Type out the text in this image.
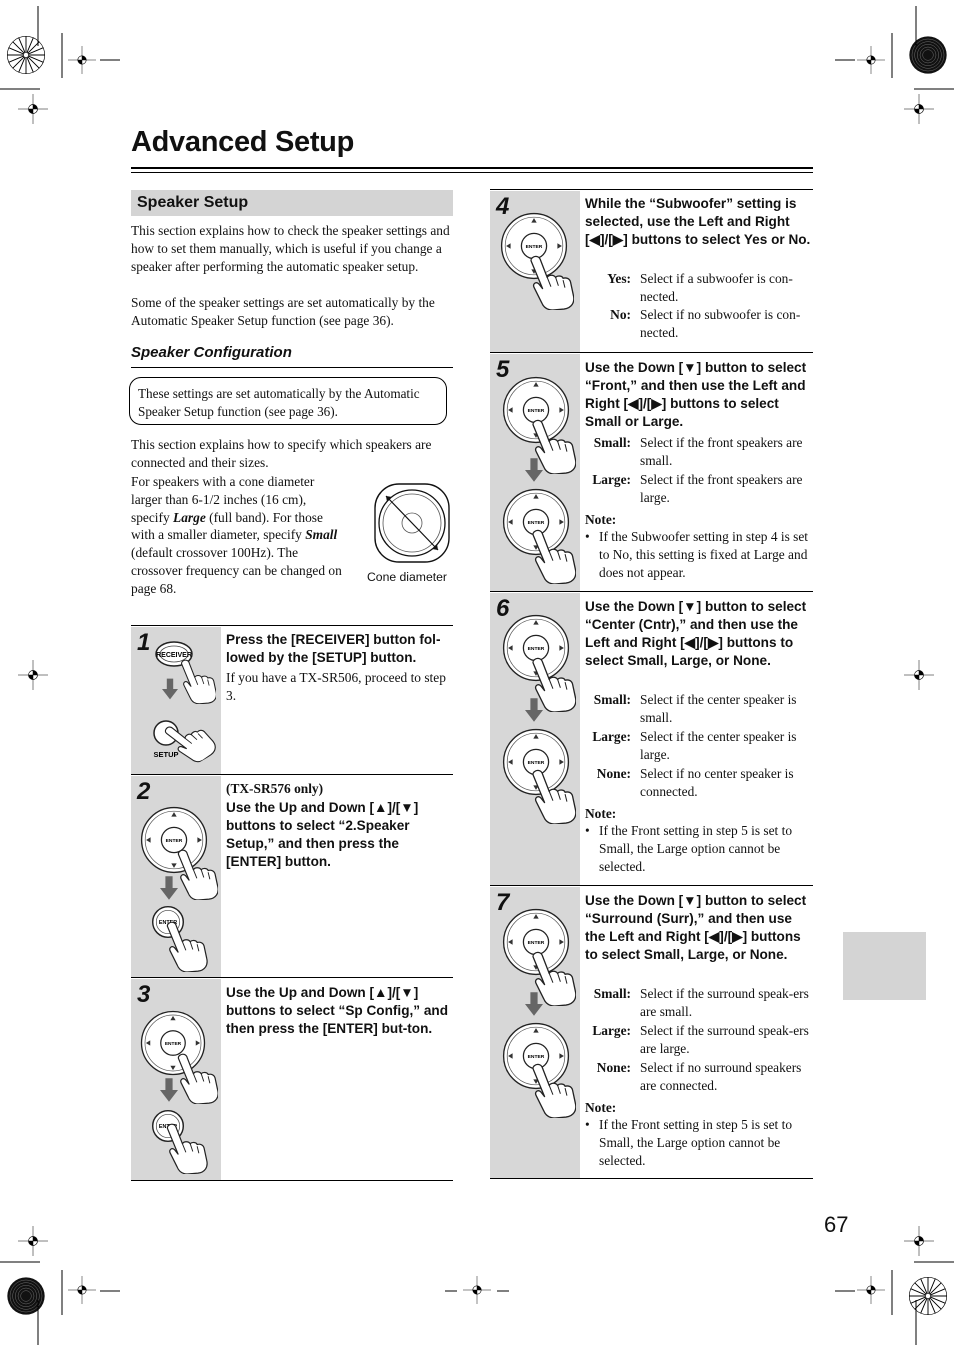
Advanced Setup
Speaker Setup
This section explains how to check the speaker settings and how to set them manually, which is useful if you change a speaker after performing the automatic speaker setup.
Some of the speaker settings are set automatically by the Automatic Speaker Setup function (see page 36).
Speaker Configuration
These settings are set automatically by the Automatic Speaker Setup function (see page 36).
This section explains how to specify which speakers are connected and their sizes.
For speakers with a cone diameter larger than 6-1/2 inches (16 cm), specify Large (full band). For those with a smaller diameter, specify Small (default crossover 100Hz). The crossover frequency can be changed on page 68.
Cone diameter
1 RECEIVER
SETUP
Press the [RECEIVER] button fol-lowed by the [SETUP] button.
If you have a TX-SR506, proceed to step 3.
2	(TX-SR576 only)
Use the Up and Down [▲]/[▼] buttons to select “2.Speaker Setup,” and then press the [ENTER] button.
3	Use the Up and Down [▲]/[▼] buttons to select “Sp Config,” and then press the [ENTER] but-ton.
4	While the “Subwoofer” setting is selected, use the Left and Right [◀]/[▶] buttons to select Yes or No.
Yes: Select if a subwoofer is con-nected.
No: Select if no subwoofer is con-nected.
5	Use the Down [▼] button to select “Front,” and then use the Left and Right [◀]/[▶] buttons to select Small or Large.
Small: Select if the front speakers are small.
Large: Select if the front speakers are large.
Note:
• If the Subwoofer setting in step 4 is set to No, this setting is fixed at Large and does not appear.
6	Use the Down [▼] button to select “Center (Cntr),” and then use the Left and Right [◀]/[▶] buttons to select Small, Large, or None.
Small: Select if the center speaker is small.
Large: Select if the center speaker is large.
None: Select if no center speaker is connected.
Note:
• If the Front setting in step 5 is set to Small, the Large option cannot be selected.
7	Use the Down [▼] button to select “Surround (Surr),” and then use the Left and Right [◀]/[▶] buttons to select Small, Large, or None.
Small: Select if the surround speak-ers are small.
Large: Select if the surround speak-ers are large.
None: Select if no surround speakers are connected.
Note:
• If the Front setting in step 5 is set to Small, the Large option cannot be selected.
67
